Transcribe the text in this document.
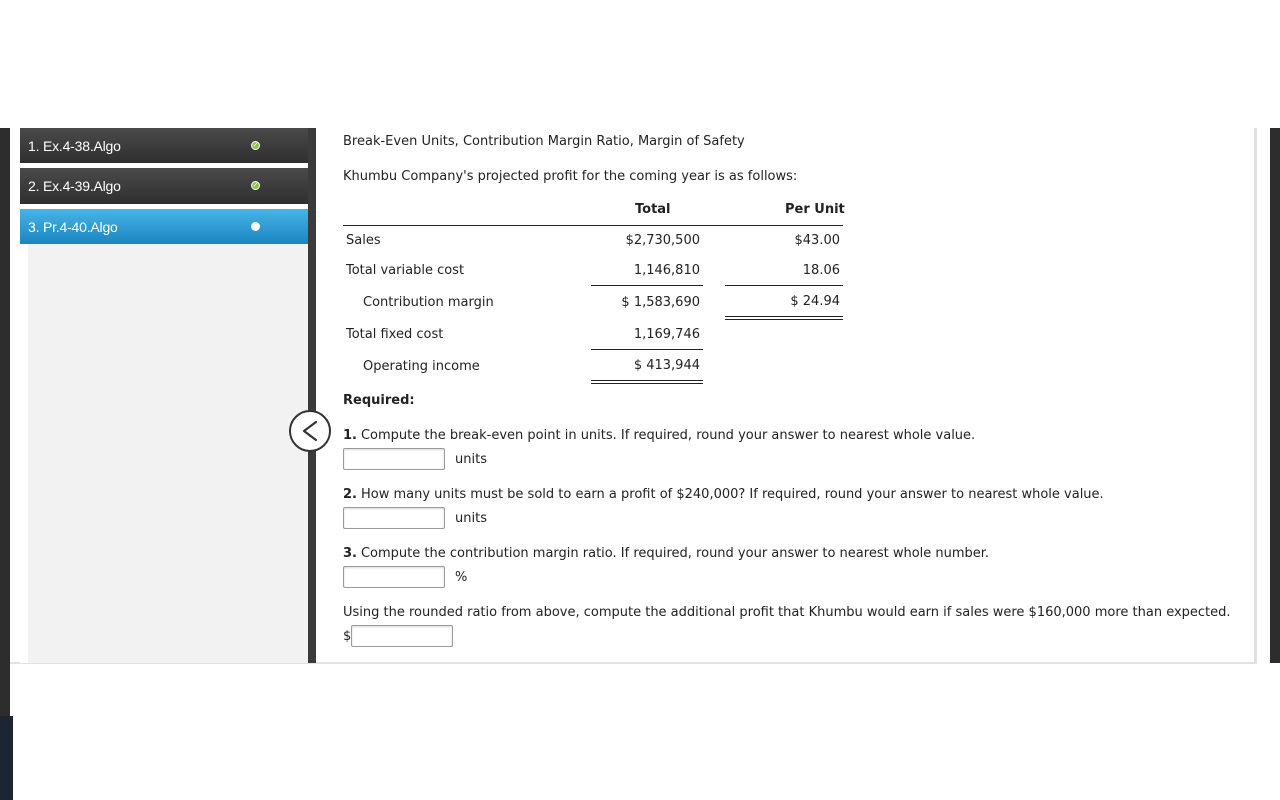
1. Ex.4-38.Algo	✓
2. Ex.4-39.Algo	✓
3. Pr.4-40.Algo
Break-Even Units, Contribution Margin Ratio, Margin of Safety
Khumbu Company's projected profit for the coming year is as follows:
Total	Per Unit
Sales	$2,730,500	$43.00
Total variable cost	1,146,810	18.06
Contribution margin	$ 1,583,690	$ 24.94
Total fixed cost	1,169,746
Operating income	$ 413,944
Required:
1. Compute the break-even point in units. If required, round your answer to nearest whole value.
units
2. How many units must be sold to earn a profit of $240,000? If required, round your answer to nearest whole value.
units
3. Compute the contribution margin ratio. If required, round your answer to nearest whole number.
%
Using the rounded ratio from above, compute the additional profit that Khumbu would earn if sales were $160,000 more than expected.
$
